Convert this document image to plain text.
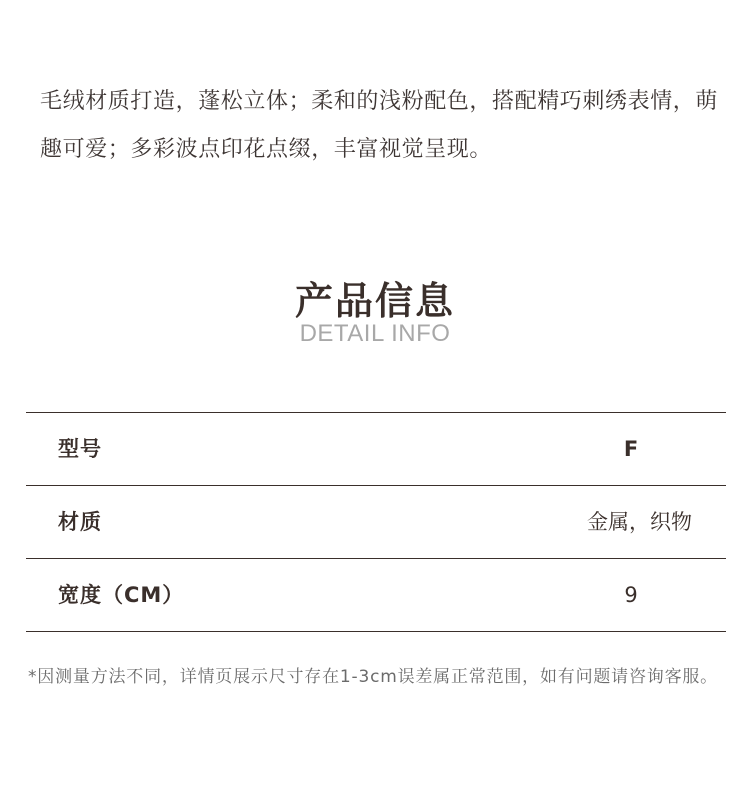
毛绒材质打造，蓬松立体；柔和的浅粉配色，搭配精巧刺绣表情，萌趣可爱；多彩波点印花点缀，丰富视觉呈现。

产品信息
DETAIL INFO
型号	F
材质	金属，织物
宽度（CM）	9

*因测量方法不同，详情页展示尺寸存在1-3cm误差属正常范围，如有问题请咨询客服。
